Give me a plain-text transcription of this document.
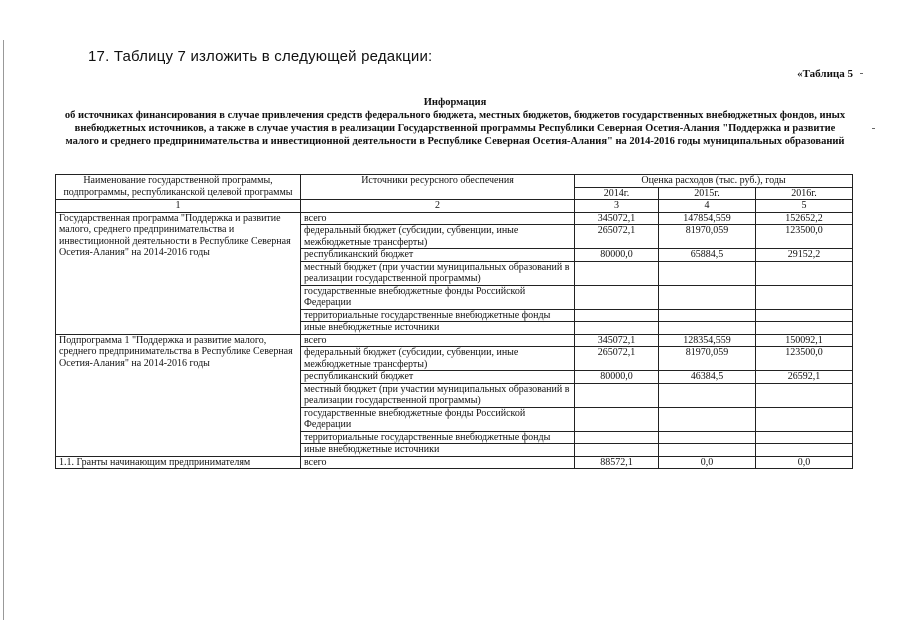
17. Таблицу 7 изложить в следующей редакции:
«Таблица 5
Информация
об источниках финансирования в случае привлечения средств федерального бюджета, местных бюджетов, бюджетов государственных внебюджетных фондов, иных внебюджетных источников, а также в случае участия в реализации Государственной программы Республики Северная Осетия-Алания "Поддержка и развитие малого и среднего предпринимательства и инвестиционной деятельности в Республике Северная Осетия-Алания" на 2014-2016 годы муниципальных образований
Наименование государственной программы, подпрограммы, республиканской целевой программы	Источники ресурсного обеспечения	Оценка расходов (тыс. руб.), годы		
		2014г.	2015г.	2016г.
1	2	3	4	5
Государственная программа "Поддержка и развитие малого, среднего предпринимательства и инвестиционной деятельности в Республике Северная Осетия-Алания" на 2014-2016 годы	всего	345072,1	147854,559	152652,2
	федеральный бюджет (субсидии, субвенции, иные межбюджетные трансферты)	265072,1	81970,059	123500,0
	республиканский бюджет	80000,0	65884,5	29152,2
	местный бюджет (при участии муниципальных образований в реализации государственной программы)			
	государственные внебюджетные фонды Российской Федерации			
	территориальные государственные внебюджетные фонды			
	иные внебюджетные источники			
Подпрограмма 1 "Поддержка и развитие малого, среднего предпринимательства в Республике Северная Осетия-Алания" на 2014-2016 годы	всего	345072,1	128354,559	150092,1
	федеральный бюджет (субсидии, субвенции, иные межбюджетные трансферты)	265072,1	81970,059	123500,0
	республиканский бюджет	80000,0	46384,5	26592,1
	местный бюджет (при участии муниципальных образований в реализации государственной программы)			
	государственные внебюджетные фонды Российской Федерации			
	территориальные государственные внебюджетные фонды			
	иные внебюджетные источники			
1.1. Гранты начинающим предпринимателям	всего	88572,1	0,0	0,0
